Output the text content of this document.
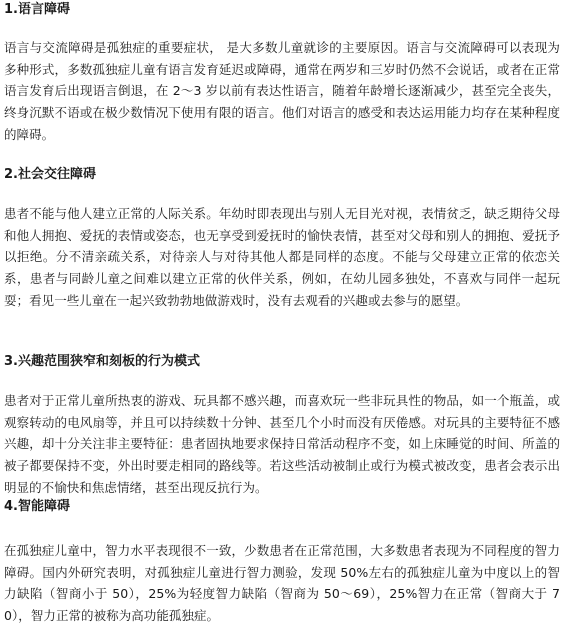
1.语言障碍

语言与交流障碍是孤独症的重要症状， 是大多数儿童就诊的主要原因。语言与交流障碍可以表现为多种形式，多数孤独症儿童有语言发育延迟或障碍，通常在两岁和三岁时仍然不会说话，或者在正常语言发育后出现语言倒退，在 2～3 岁以前有表达性语言，随着年龄增长逐渐减少，甚至完全丧失，终身沉默不语或在极少数情况下使用有限的语言。他们对语言的感受和表达运用能力均存在某种程度的障碍。

2.社会交往障碍

患者不能与他人建立正常的人际关系。年幼时即表现出与别人无目光对视，表情贫乏，缺乏期待父母和他人拥抱、爱抚的表情或姿态，也无享受到爱抚时的愉快表情，甚至对父母和别人的拥抱、爱抚予以拒绝。分不清亲疏关系，对待亲人与对待其他人都是同样的态度。不能与父母建立正常的依恋关系，患者与同龄儿童之间难以建立正常的伙伴关系，例如，在幼儿园多独处，不喜欢与同伴一起玩耍；看见一些儿童在一起兴致勃勃地做游戏时，没有去观看的兴趣或去参与的愿望。

3.兴趣范围狭窄和刻板的行为模式

患者对于正常儿童所热衷的游戏、玩具都不感兴趣，而喜欢玩一些非玩具性的物品，如一个瓶盖，或观察转动的电风扇等，并且可以持续数十分钟、甚至几个小时而没有厌倦感。对玩具的主要特征不感兴趣，却十分关注非主要特征：患者固执地要求保持日常活动程序不变，如上床睡觉的时间、所盖的被子都要保持不变，外出时要走相同的路线等。若这些活动被制止或行为模式被改变，患者会表示出明显的不愉快和焦虑情绪，甚至出现反抗行为。

4.智能障碍

在孤独症儿童中，智力水平表现很不一致，少数患者在正常范围，大多数患者表现为不同程度的智力障碍。国内外研究表明，对孤独症儿童进行智力测验，发现 50%左右的孤独症儿童为中度以上的智力缺陷（智商小于 50），25%为轻度智力缺陷（智商为 50～69），25%智力在正常（智商大于 70），智力正常的被称为高功能孤独症。
